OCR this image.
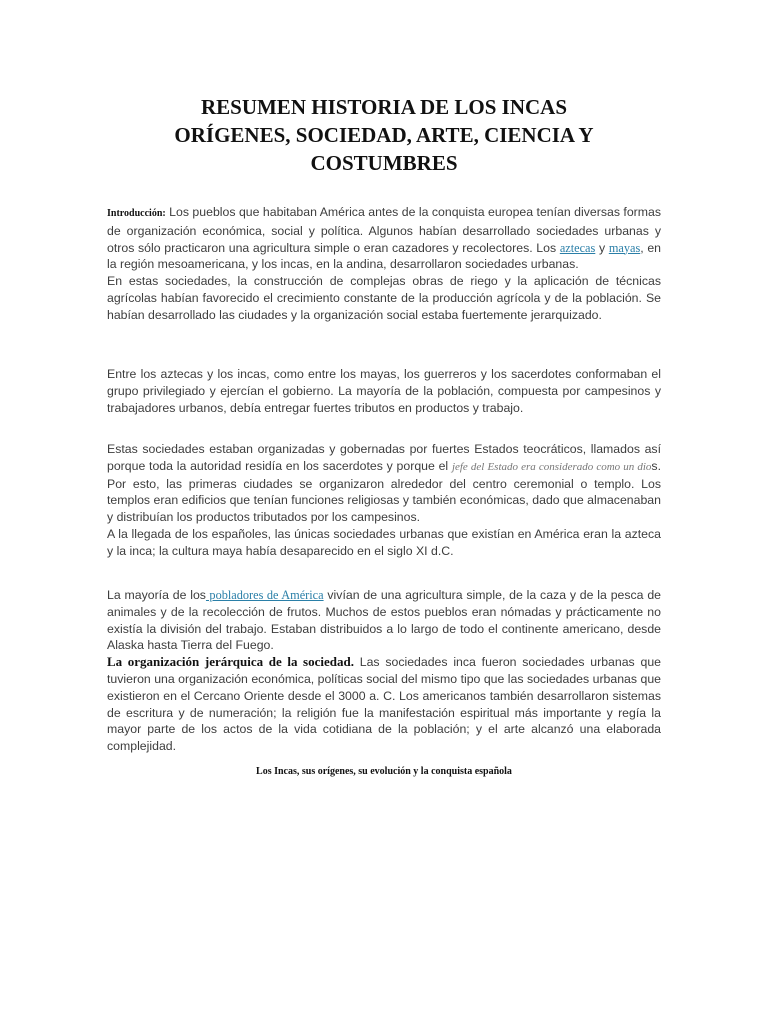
RESUMEN HISTORIA DE LOS INCAS
ORÍGENES, SOCIEDAD, ARTE, CIENCIA Y
COSTUMBRES

Introducción: Los pueblos que habitaban América antes de la conquista europea tenían diversas formas de organización económica, social y política. Algunos habían desarrollado sociedades urbanas y otros sólo practicaron una agricultura simple o eran cazadores y recolectores. Los aztecas y mayas, en la región mesoamericana, y los incas, en la andina, desarrollaron sociedades urbanas.
En estas sociedades, la construcción de complejas obras de riego y la aplicación de técnicas agrícolas habían favorecido el crecimiento constante de la producción agrícola y de la población. Se habían desarrollado las ciudades y la organización social estaba fuertemente jerarquizado.

Entre los aztecas y los incas, como entre los mayas, los guerreros y los sacerdotes conformaban el grupo privilegiado y ejercían el gobierno. La mayoría de la población, compuesta por campesinos y trabajadores urbanos, debía entregar fuertes tributos en productos y trabajo.

Estas sociedades estaban organizadas y gobernadas por fuertes Estados teocráticos, llamados así porque toda la autoridad residía en los sacerdotes y porque el jefe del Estado era considerado como un dios. Por esto, las primeras ciudades se organizaron alrededor del centro ceremonial o templo. Los templos eran edificios que tenían funciones religiosas y también económicas, dado que almacenaban y distribuían los productos tributados por los campesinos.
A la llegada de los españoles, las únicas sociedades urbanas que existían en América eran la azteca y la inca; la cultura maya había desaparecido en el siglo XI d.C.

La mayoría de los pobladores de América vivían de una agricultura simple, de la caza y de la pesca de animales y de la recolección de frutos. Muchos de estos pueblos eran nómadas y prácticamente no existía la división del trabajo. Estaban distribuidos a lo largo de todo el continente americano, desde Alaska hasta Tierra del Fuego.
La organización jerárquica de la sociedad. Las sociedades inca fueron sociedades urbanas que tuvieron una organización económica, políticas social del mismo tipo que las sociedades urbanas que existieron en el Cercano Oriente desde el 3000 a. C. Los americanos también desarrollaron sistemas de escritura y de numeración; la religión fue la manifestación espiritual más importante y regía la mayor parte de los actos de la vida cotidiana de la población; y el arte alcanzó una elaborada complejidad.

Los Incas, sus orígenes, su evolución y la conquista española
